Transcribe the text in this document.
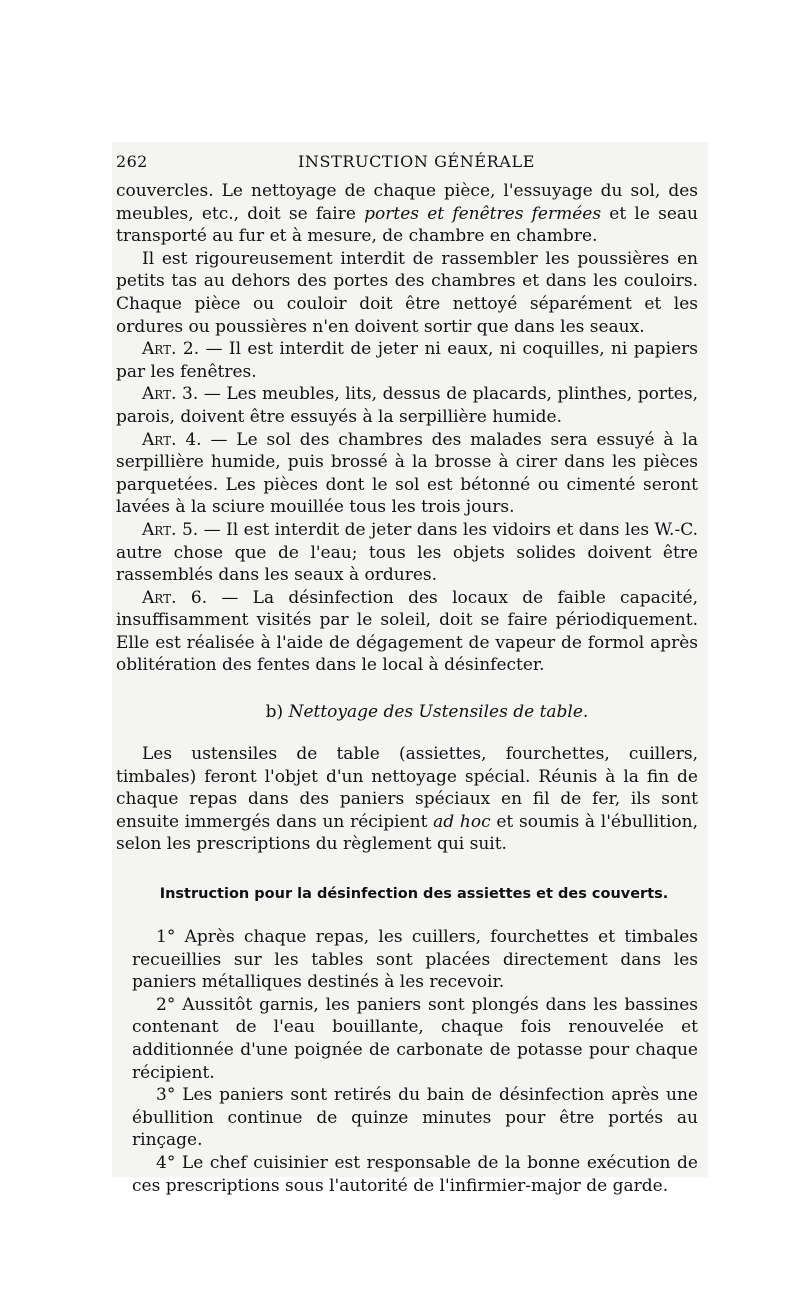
262	INSTRUCTION GÉNÉRALE

couvercles. Le nettoyage de chaque pièce, l'essuyage du sol, des meubles, etc., doit se faire portes et fenêtres fermées et le seau transporté au fur et à mesure, de chambre en chambre.

Il est rigoureusement interdit de rassembler les poussières en petits tas au dehors des portes des chambres et dans les couloirs. Chaque pièce ou couloir doit être nettoyé séparément et les ordures ou poussières n'en doivent sortir que dans les seaux.

Art. 2. — Il est interdit de jeter ni eaux, ni coquilles, ni papiers par les fenêtres.

Art. 3. — Les meubles, lits, dessus de placards, plinthes, portes, parois, doivent être essuyés à la serpillière humide.

Art. 4. — Le sol des chambres des malades sera essuyé à la serpillière humide, puis brossé à la brosse à cirer dans les pièces parquetées. Les pièces dont le sol est bétonné ou cimenté seront lavées à la sciure mouillée tous les trois jours.

Art. 5. — Il est interdit de jeter dans les vidoirs et dans les W.-C. autre chose que de l'eau; tous les objets solides doivent être rassemblés dans les seaux à ordures.

Art. 6. — La désinfection des locaux de faible capacité, insuffisamment visités par le soleil, doit se faire périodiquement. Elle est réalisée à l'aide de dégagement de vapeur de formol après oblitération des fentes dans le local à désinfecter.

b) Nettoyage des Ustensiles de table.

Les ustensiles de table (assiettes, fourchettes, cuillers, timbales) feront l'objet d'un nettoyage spécial. Réunis à la fin de chaque repas dans des paniers spéciaux en fil de fer, ils sont ensuite immergés dans un récipient ad hoc et soumis à l'ébullition, selon les prescriptions du règlement qui suit.

Instruction pour la désinfection des assiettes et des couverts.

1° Après chaque repas, les cuillers, fourchettes et timbales recueillies sur les tables sont placées directement dans les paniers métalliques destinés à les recevoir.

2° Aussitôt garnis, les paniers sont plongés dans les bassines contenant de l'eau bouillante, chaque fois renouvelée et additionnée d'une poignée de carbonate de potasse pour chaque récipient.

3° Les paniers sont retirés du bain de désinfection après une ébullition continue de quinze minutes pour être portés au rinçage.

4° Le chef cuisinier est responsable de la bonne exécution de ces prescriptions sous l'autorité de l'infirmier-major de garde.
